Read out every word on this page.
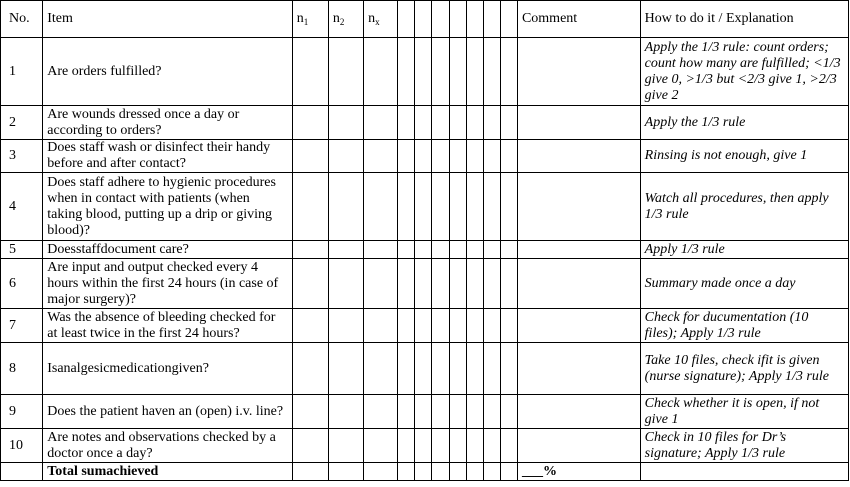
No.	Item	$n_1$	$n_2$	$n_x$								Comment	How to do it / Explanation
1	Are orders fulfilled?												Apply the 1/3 rule: count orders; count how many are fulfilled; <1/3 give 0, >1/3 but <2/3 give 1, >2/3 give 2
2	Are wounds dressed once a day or according to orders?												Apply the 1/3 rule
3	Does staff wash or disinfect their handy before and after contact?												Rinsing is not enough, give 1
4	Does staff adhere to hygienic procedures when in contact with patients (when taking blood, putting up a drip or giving blood)?												Watch all procedures, then apply 1/3 rule
5	Doesstaffdocument care?												Apply 1/3 rule
6	Are input and output checked every 4 hours within the first 24 hours (in case of major surgery)?												Summary made once a day
7	Was the absence of bleeding checked for at least twice in the first 24 hours?												Check for ducumentation (10 files); Apply 1/3 rule
8	Isanalgesicmedicationgiven?												Take 10 files, check ifit is given (nurse signature); Apply 1/3 rule
9	Does the patient haven an (open) i.v. line?												Check whether it is open, if not give 1
10	Are notes and observations checked by a doctor once a day?												Check in 10 files for Dr’s signature; Apply 1/3 rule
	Total sumachieved											___%	
